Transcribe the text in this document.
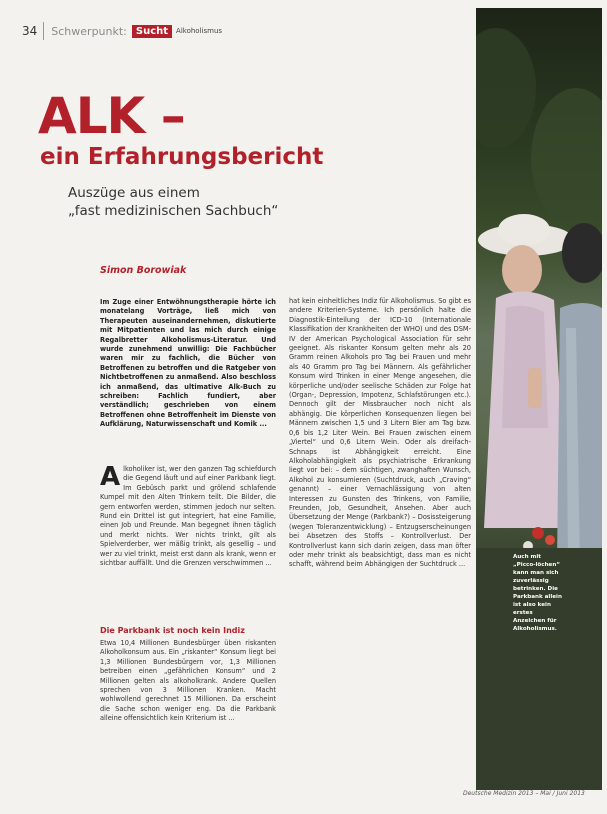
34 Schwerpunkt: Sucht	Alkoholismus
ALK –
ein Erfahrungsbericht
Auszüge aus einem
„fast medizinischen Sachbuch“
Simon Borowiak

Im Zuge einer Entwöhnungstherapie hörte ich monatelang Vorträge, ließ mich von Therapeuten auseinandernehmen, diskutierte mit Mitpatienten und las mich durch einige Regalbretter Alkoholismus-Literatur. Und wurde zunehmend unwillig: Die Fachbücher waren mir zu fachlich, die Bücher von Betroffenen zu betroffen und die Ratgeber von Nichtbetroffenen zu anmaßend. Also beschloss ich anmaßend, das ultimative Alk-Buch zu schreiben: Fachlich fundiert, aber verständlich; geschrieben von einem Betroffenen ohne Betroffenheit im Dienste von Aufklärung, Naturwissenschaft und Komik ...

A lkoholiker ist, wer den ganzen Tag schiefdurch die Gegend läuft und auf einer Parkbank liegt. Im Gebüsch parkt und grölend schlafende Kumpel mit den Alten Trinkern teilt. Die Bilder, die gern entworfen werden, stimmen jedoch nur selten. Rund ein Drittel ist gut integriert, hat eine Familie, einen Job und Freunde. Man begegnet ihnen täglich und merkt nichts. Wer nichts trinkt, gilt als Spielverderber, wer mäßig trinkt, als gesellig – und wer zu viel trinkt, meist erst dann als krank, wenn er sichtbar auffällt. Und die Grenzen verschwimmen ...

Die Parkbank ist noch kein Indiz

Etwa 10,4 Millionen Bundesbürger üben riskanten Alkoholkonsum aus. Ein „riskanter“ Konsum liegt bei 1,3 Millionen Bundesbürgern vor, 1,3 Millionen betreiben einen „gefährlichen Konsum“ und 2 Millionen gelten als alkoholkrank. Andere Quellen sprechen von 3 Millionen Kranken. Macht wohlwollend gerechnet 15 Millionen. Da erscheint die Sache schon weniger eng. Da die Parkbank alleine offensichtlich kein Kriterium ist ...

hat kein einheitliches Indiz für Alkoholismus. So gibt es andere Kriterien-Systeme. Ich persönlich halte die Diagnostik-Einteilung der ICD-10 (Internationale Klassifikation der Krankheiten der WHO) und des DSM-IV der American Psychological Association für sehr geeignet. Als riskanter Konsum gelten mehr als 20 Gramm reinen Alkohols pro Tag bei Frauen und mehr als 40 Gramm pro Tag bei Männern. Als gefährlicher Konsum wird Trinken in einer Menge angesehen, die körperliche und/oder seelische Schäden zur Folge hat (Organ-, Depression, Impotenz, Schlafstörungen etc.). Dennoch gilt der Missbraucher noch nicht als abhängig. Die körperlichen Konsequenzen liegen bei Männern zwischen 1,5 und 3 Litern Bier am Tag bzw. 0,6 bis 1,2 Liter Wein. Bei Frauen zwischen einem „Viertel“ und 0,6 Litern Wein. Oder als dreifach-Schnaps ist Abhängigkeit erreicht. Eine Alkoholabhängigkeit als psychiatrische Erkrankung liegt vor bei: – dem süchtigen, zwanghaften Wunsch, Alkohol zu konsumieren (Suchtdruck, auch „Craving“ genannt) – einer Vernachlässigung von alten Interessen zu Gunsten des Trinkens, von Familie, Freunden, Job, Gesundheit, Ansehen. Aber auch Übersetzung der Menge (Parkbank?) – Dosissteigerung (wegen Toleranzentwicklung) – Entzugserscheinungen bei Absetzen des Stoffs – Kontrollverlust. Der Kontrollverlust kann sich darin zeigen, dass man öfter oder mehr trinkt als beabsichtigt, dass man es nicht schafft, während beim Abhängigen der Suchtdruck ...

Auch mit „Picco-löchen“ kann man sich zuverlässig betrinken. Die Parkbank allein ist also kein erstes Anzeichen für Alkoholismus.
Deutsche Medizin 2013 – Mai / Juni 2013
